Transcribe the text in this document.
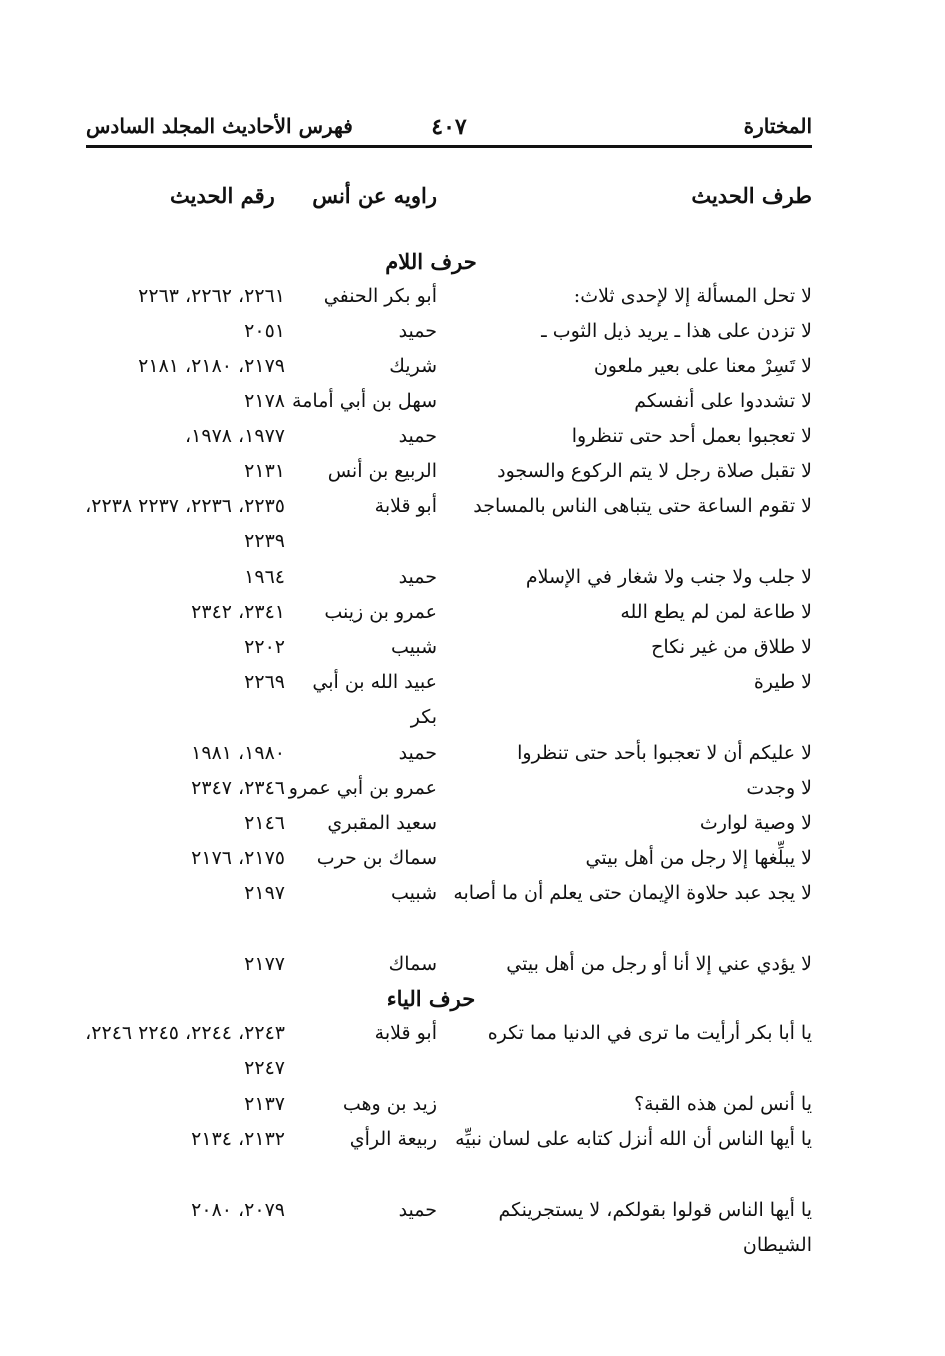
المختارة
٤٠٧
فهرس الأحاديث المجلد السادس
طرف الحديث
راويه عن أنس
رقم الحديث
حرف اللام
لا تحل المسألة إلا لإحدى ثلاث:
أبو بكر الحنفي
٢٢٦١، ٢٢٦٢، ٢٢٦٣
لا تزدن على هذا ـ يريد ذيل الثوب ـ
حميد
٢٠٥١
لا تَسِرْ معنا على بعير ملعون
شريك
٢١٧٩، ٢١٨٠، ٢١٨١
لا تشددوا على أنفسكم
سهل بن أبي أمامة
٢١٧٨
لا تعجبوا بعمل أحد حتى تنظروا
حميد
١٩٧٧، ١٩٧٨،
لا تقبل صلاة رجل لا يتم الركوع والسجود
الربيع بن أنس
٢١٣١
لا تقوم الساعة حتى يتباهى الناس بالمساجد
أبو قلابة
٢٢٣٥، ٢٢٣٦، ٢٢٣٧ ٢٢٣٨، ٢٢٣٩
لا جلب ولا جنب ولا شغار في الإسلام
حميد
١٩٦٤
لا طاعة لمن لم يطع الله
عمرو بن زينب
٢٣٤١، ٢٣٤٢
لا طلاق من غير نكاح
شبيب
٢٢٠٢
لا طيرة
عبيد الله بن أبي بكر
٢٢٦٩
لا عليكم أن لا تعجبوا بأحد حتى تنظروا
حميد
١٩٨٠، ١٩٨١
لا وجدت
عمرو بن أبي عمرو
٢٣٤٦، ٢٣٤٧
لا وصية لوارث
سعيد المقبري
٢١٤٦
لا يبلِّغها إلا رجل من أهل بيتي
سماك بن حرب
٢١٧٥، ٢١٧٦
لا يجد عبد حلاوة الإيمان حتى يعلم أن ما أصابه
شبيب
٢١٩٧
لا يؤدي عني إلا أنا أو رجل من أهل بيتي
سماك
٢١٧٧
حرف الياء
يا أبا بكر أرأيت ما ترى في الدنيا مما تكره
أبو قلابة
٢٢٤٣، ٢٢٤٤، ٢٢٤٥ ٢٢٤٦، ٢٢٤٧
يا أنس لمن هذه القبة؟
زيد بن وهب
٢١٣٧
يا أيها الناس أن الله أنزل كتابه على لسان نبيِّه
ربيعة الرأي
٢١٣٢، ٢١٣٤
يا أيها الناس قولوا بقولكم، لا يستجرينكم الشيطان
حميد
٢٠٧٩، ٢٠٨٠
